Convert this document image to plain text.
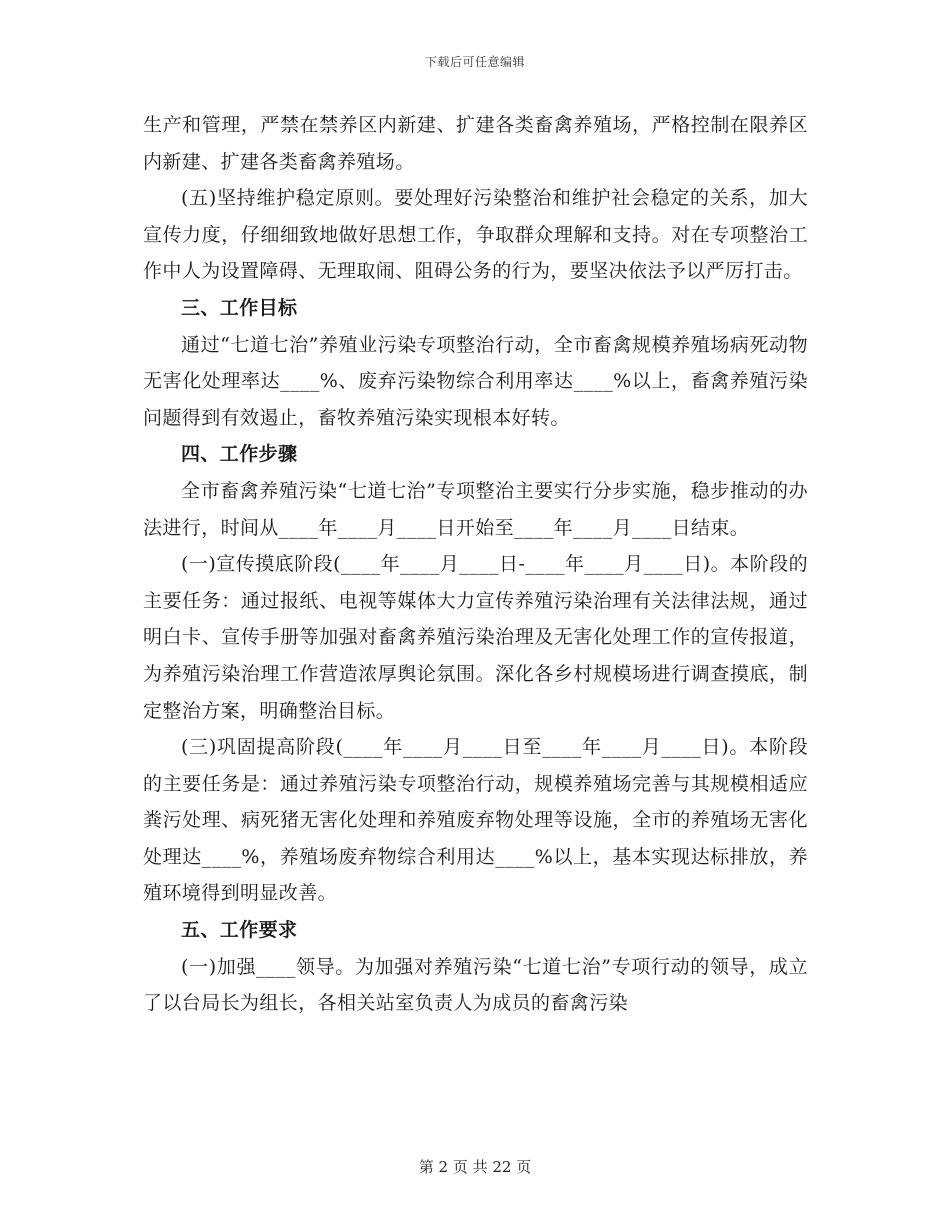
下载后可任意编辑

生产和管理，严禁在禁养区内新建、扩建各类畜禽养殖场，严格控制在限养区内新建、扩建各类畜禽养殖场。

(五)坚持维护稳定原则。要处理好污染整治和维护社会稳定的关系，加大宣传力度，仔细细致地做好思想工作，争取群众理解和支持。对在专项整治工作中人为设置障碍、无理取闹、阻碍公务的行为，要坚决依法予以严厉打击。

三、工作目标

通过“七道七治”养殖业污染专项整治行动，全市畜禽规模养殖场病死动物无害化处理率达____%、废弃污染物综合利用率达____%以上，畜禽养殖污染问题得到有效遏止，畜牧养殖污染实现根本好转。

四、工作步骤

全市畜禽养殖污染“七道七治”专项整治主要实行分步实施，稳步推动的办法进行，时间从____年____月____日开始至____年____月____日结束。

(一)宣传摸底阶段(____年____月____日-____年____月____日)。本阶段的主要任务：通过报纸、电视等媒体大力宣传养殖污染治理有关法律法规，通过明白卡、宣传手册等加强对畜禽养殖污染治理及无害化处理工作的宣传报道，为养殖污染治理工作营造浓厚舆论氛围。深化各乡村规模场进行调查摸底，制定整治方案，明确整治目标。

(三)巩固提高阶段(____年____月____日至____年____月____日)。本阶段的主要任务是：通过养殖污染专项整治行动，规模养殖场完善与其规模相适应粪污处理、病死猪无害化处理和养殖废弃物处理等设施，全市的养殖场无害化处理达____%，养殖场废弃物综合利用达____%以上，基本实现达标排放，养殖环境得到明显改善。

五、工作要求

(一)加强____领导。为加强对养殖污染“七道七治”专项行动的领导，成立了以台局长为组长，各相关站室负责人为成员的畜禽污染

第 2 页 共 22 页
